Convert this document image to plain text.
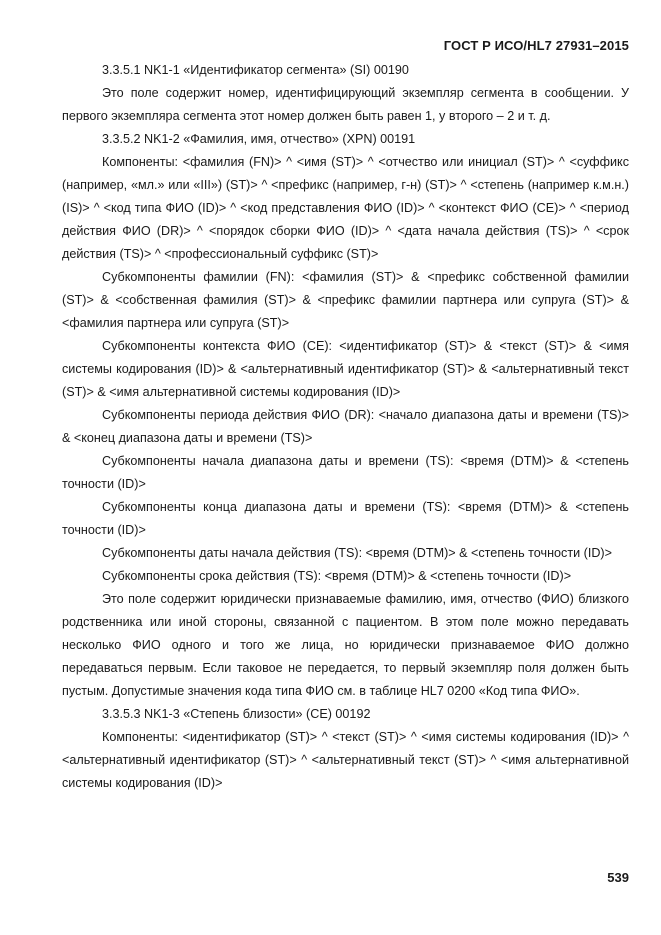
ГОСТ Р ИСО/HL7 27931–2015

3.3.5.1 NK1-1 «Идентификатор сегмента» (SI) 00190

Это поле содержит номер, идентифицирующий экземпляр сегмента в сообщении. У первого экземпляра сегмента этот номер должен быть равен 1, у второго – 2 и т. д.

3.3.5.2 NK1-2 «Фамилия, имя, отчество» (XPN) 00191

Компоненты: <фамилия (FN)> ^ <имя (ST)> ^ <отчество или инициал (ST)> ^ <суффикс (например, «мл.» или «III») (ST)> ^ <префикс (например, г-н) (ST)> ^ <степень (например к.м.н.) (IS)> ^ <код типа ФИО (ID)> ^ <код представления ФИО (ID)> ^ <контекст ФИО (CE)> ^ <период действия ФИО (DR)> ^ <порядок сборки ФИО (ID)> ^ <дата начала действия (TS)> ^ <срок действия (TS)> ^ <профессиональный суффикс (ST)>

Субкомпоненты фамилии (FN): <фамилия (ST)> & <префикс собственной фамилии (ST)> & <собственная фамилия (ST)> & <префикс фамилии партнера или супруга (ST)> & <фамилия партнера или супруга (ST)>

Субкомпоненты контекста ФИО (CE): <идентификатор (ST)> & <текст (ST)> & <имя системы кодирования (ID)> & <альтернативный идентификатор (ST)> & <альтернативный текст (ST)> & <имя альтернативной системы кодирования (ID)>

Субкомпоненты периода действия ФИО (DR): <начало диапазона даты и времени (TS)> & <конец диапазона даты и времени (TS)>

Субкомпоненты начала диапазона даты и времени (TS): <время (DTM)> & <степень точности (ID)>

Субкомпоненты конца диапазона даты и времени (TS): <время (DTM)> & <степень точности (ID)>

Субкомпоненты даты начала действия (TS): <время (DTM)> & <степень точности (ID)>

Субкомпоненты срока действия (TS): <время (DTM)> & <степень точности (ID)>

Это поле содержит юридически признаваемые фамилию, имя, отчество (ФИО) близкого родственника или иной стороны, связанной с пациентом. В этом поле можно передавать несколько ФИО одного и того же лица, но юридически признаваемое ФИО должно передаваться первым. Если таковое не передается, то первый экземпляр поля должен быть пустым. Допустимые значения кода типа ФИО см. в таблице HL7 0200 «Код типа ФИО».

3.3.5.3 NK1-3 «Степень близости» (CE) 00192

Компоненты: <идентификатор (ST)> ^ <текст (ST)> ^ <имя системы кодирования (ID)> ^ <альтернативный идентификатор (ST)> ^ <альтернативный текст (ST)> ^ <имя альтернативной системы кодирования (ID)>

539
